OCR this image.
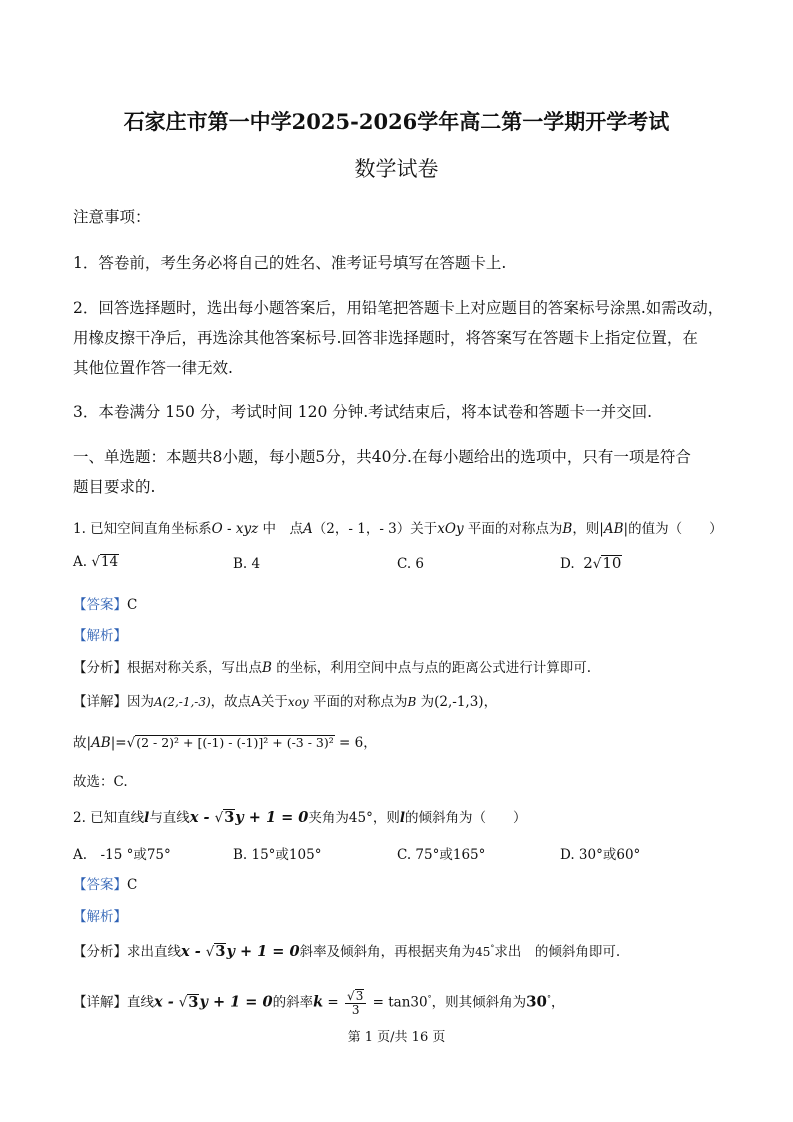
石家庄市第一中学2025-2026学年高二第一学期开学考试
数学试卷
注意事项：
1．答卷前，考生务必将自己的姓名、准考证号填写在答题卡上.
2．回答选择题时，选出每小题答案后，用铅笔把答题卡上对应题目的答案标号涂黑.如需改动，
用橡皮擦干净后，再选涂其他答案标号.回答非选择题时，将答案写在答题卡上指定位置，在
其他位置作答一律无效.
3．本卷满分 150 分，考试时间 120 分钟.考试结束后，将本试卷和答题卡一并交回.
一、单选题：本题共8小题，每小题5分，共40分.在每小题给出的选项中，只有一项是符合
题目要求的.
1. 已知空间直角坐标系O - xyz 中　点A（2，- 1，- 3）关于xOy 平面的对称点为B，则|AB|的值为（　　）
A. √14	B. 4	C. 6	D. 2√10
【答案】C
【解析】
【分析】根据对称关系，写出点B 的坐标，利用空间中点与点的距离公式进行计算即可.
【详解】因为A(2,-1,-3)，故点A关于xoy 平面的对称点为B 为(2,-1,3)，
故|AB|=√(2 - 2)² + [(-1) - (-1)]² + (-3 - 3)² = 6，
故选：C.
2. 已知直线l与直线x - √3y + 1 = 0夹角为45°，则l的倾斜角为（　　）
A.　-15 °或75°	B. 15°或105°	C. 75°或165°	D. 30°或60°
【答案】C
【解析】
【分析】求出直线x - √3y + 1 = 0斜率及倾斜角，再根据夹角为45°求出　的倾斜角即可.
【详解】直线x - √3y + 1 = 0的斜率$k = \frac{√3}{3} = \tan 30^\circ$，则其倾斜角为30°，
第 1 页/共 16 页
